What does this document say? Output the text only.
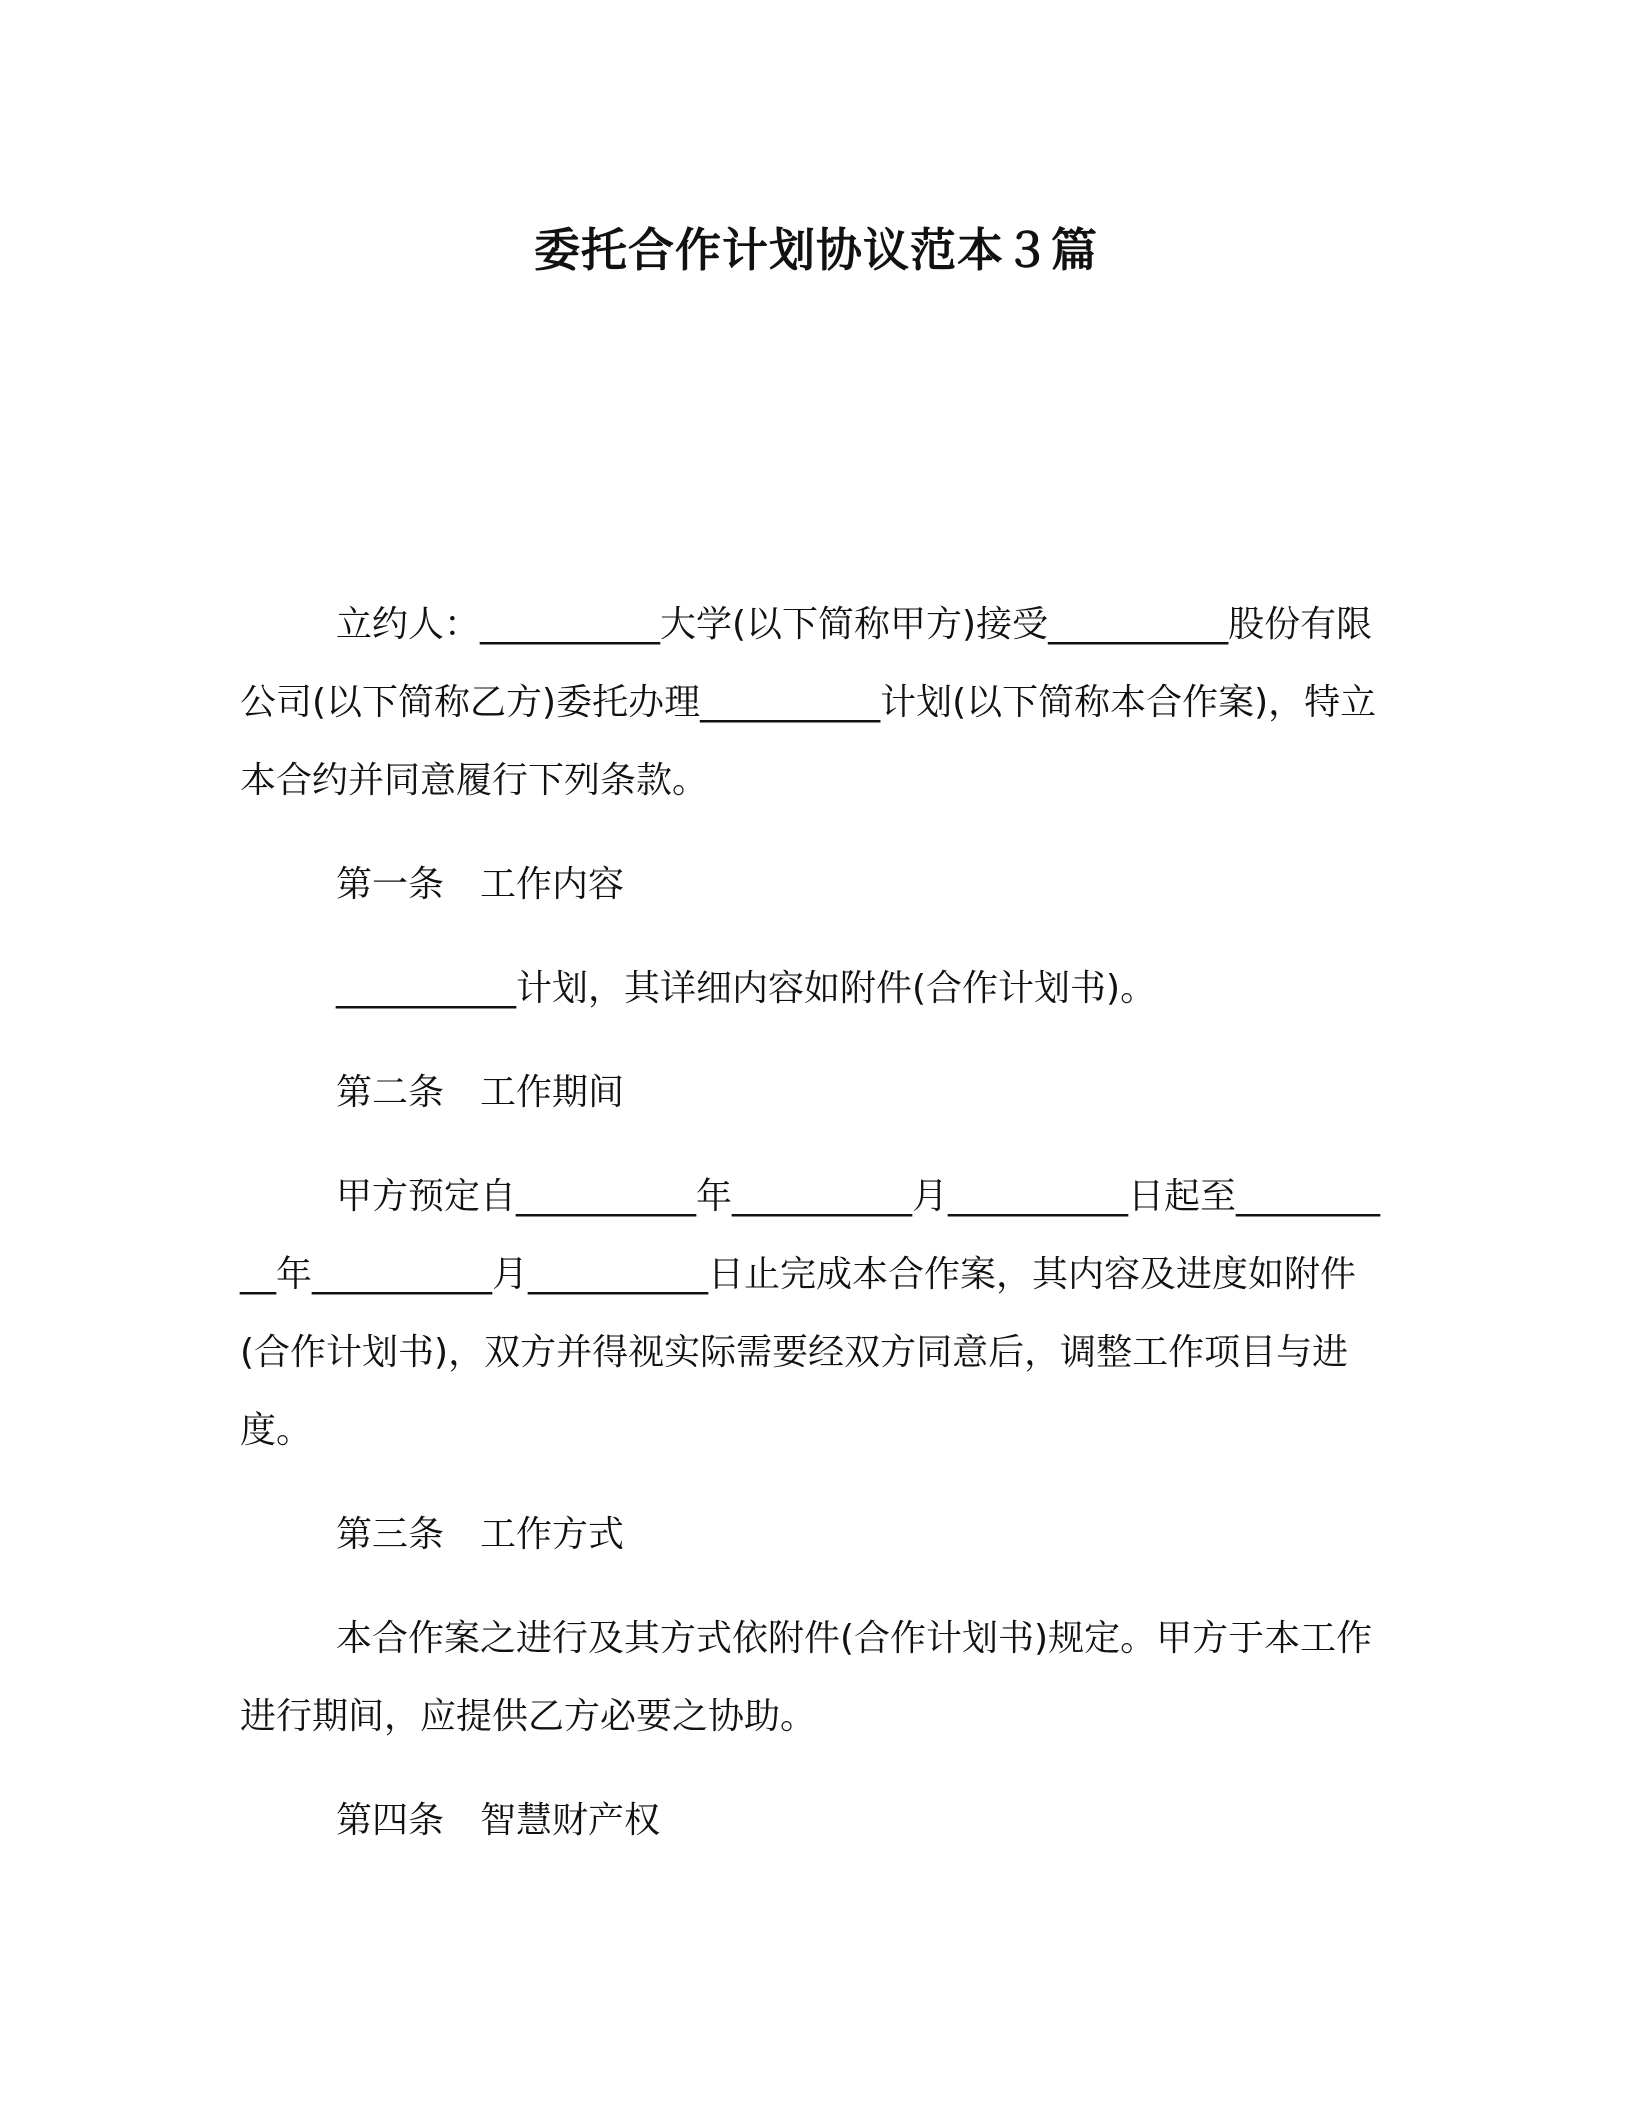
委托合作计划协议范本３篇

立约人：__________大学(以下简称甲方)接受__________股份有限公司(以下简称乙方)委托办理__________计划(以下简称本合作案)，特立本合约并同意履行下列条款。

第一条　工作内容

__________计划，其详细内容如附件(合作计划书)。

第二条　工作期间

甲方预定自__________年__________月__________日起至__________年__________月__________日止完成本合作案，其内容及进度如附件(合作计划书)，双方并得视实际需要经双方同意后，调整工作项目与进度。

第三条　工作方式

本合作案之进行及其方式依附件(合作计划书)规定。甲方于本工作进行期间，应提供乙方必要之协助。

第四条　智慧财产权
